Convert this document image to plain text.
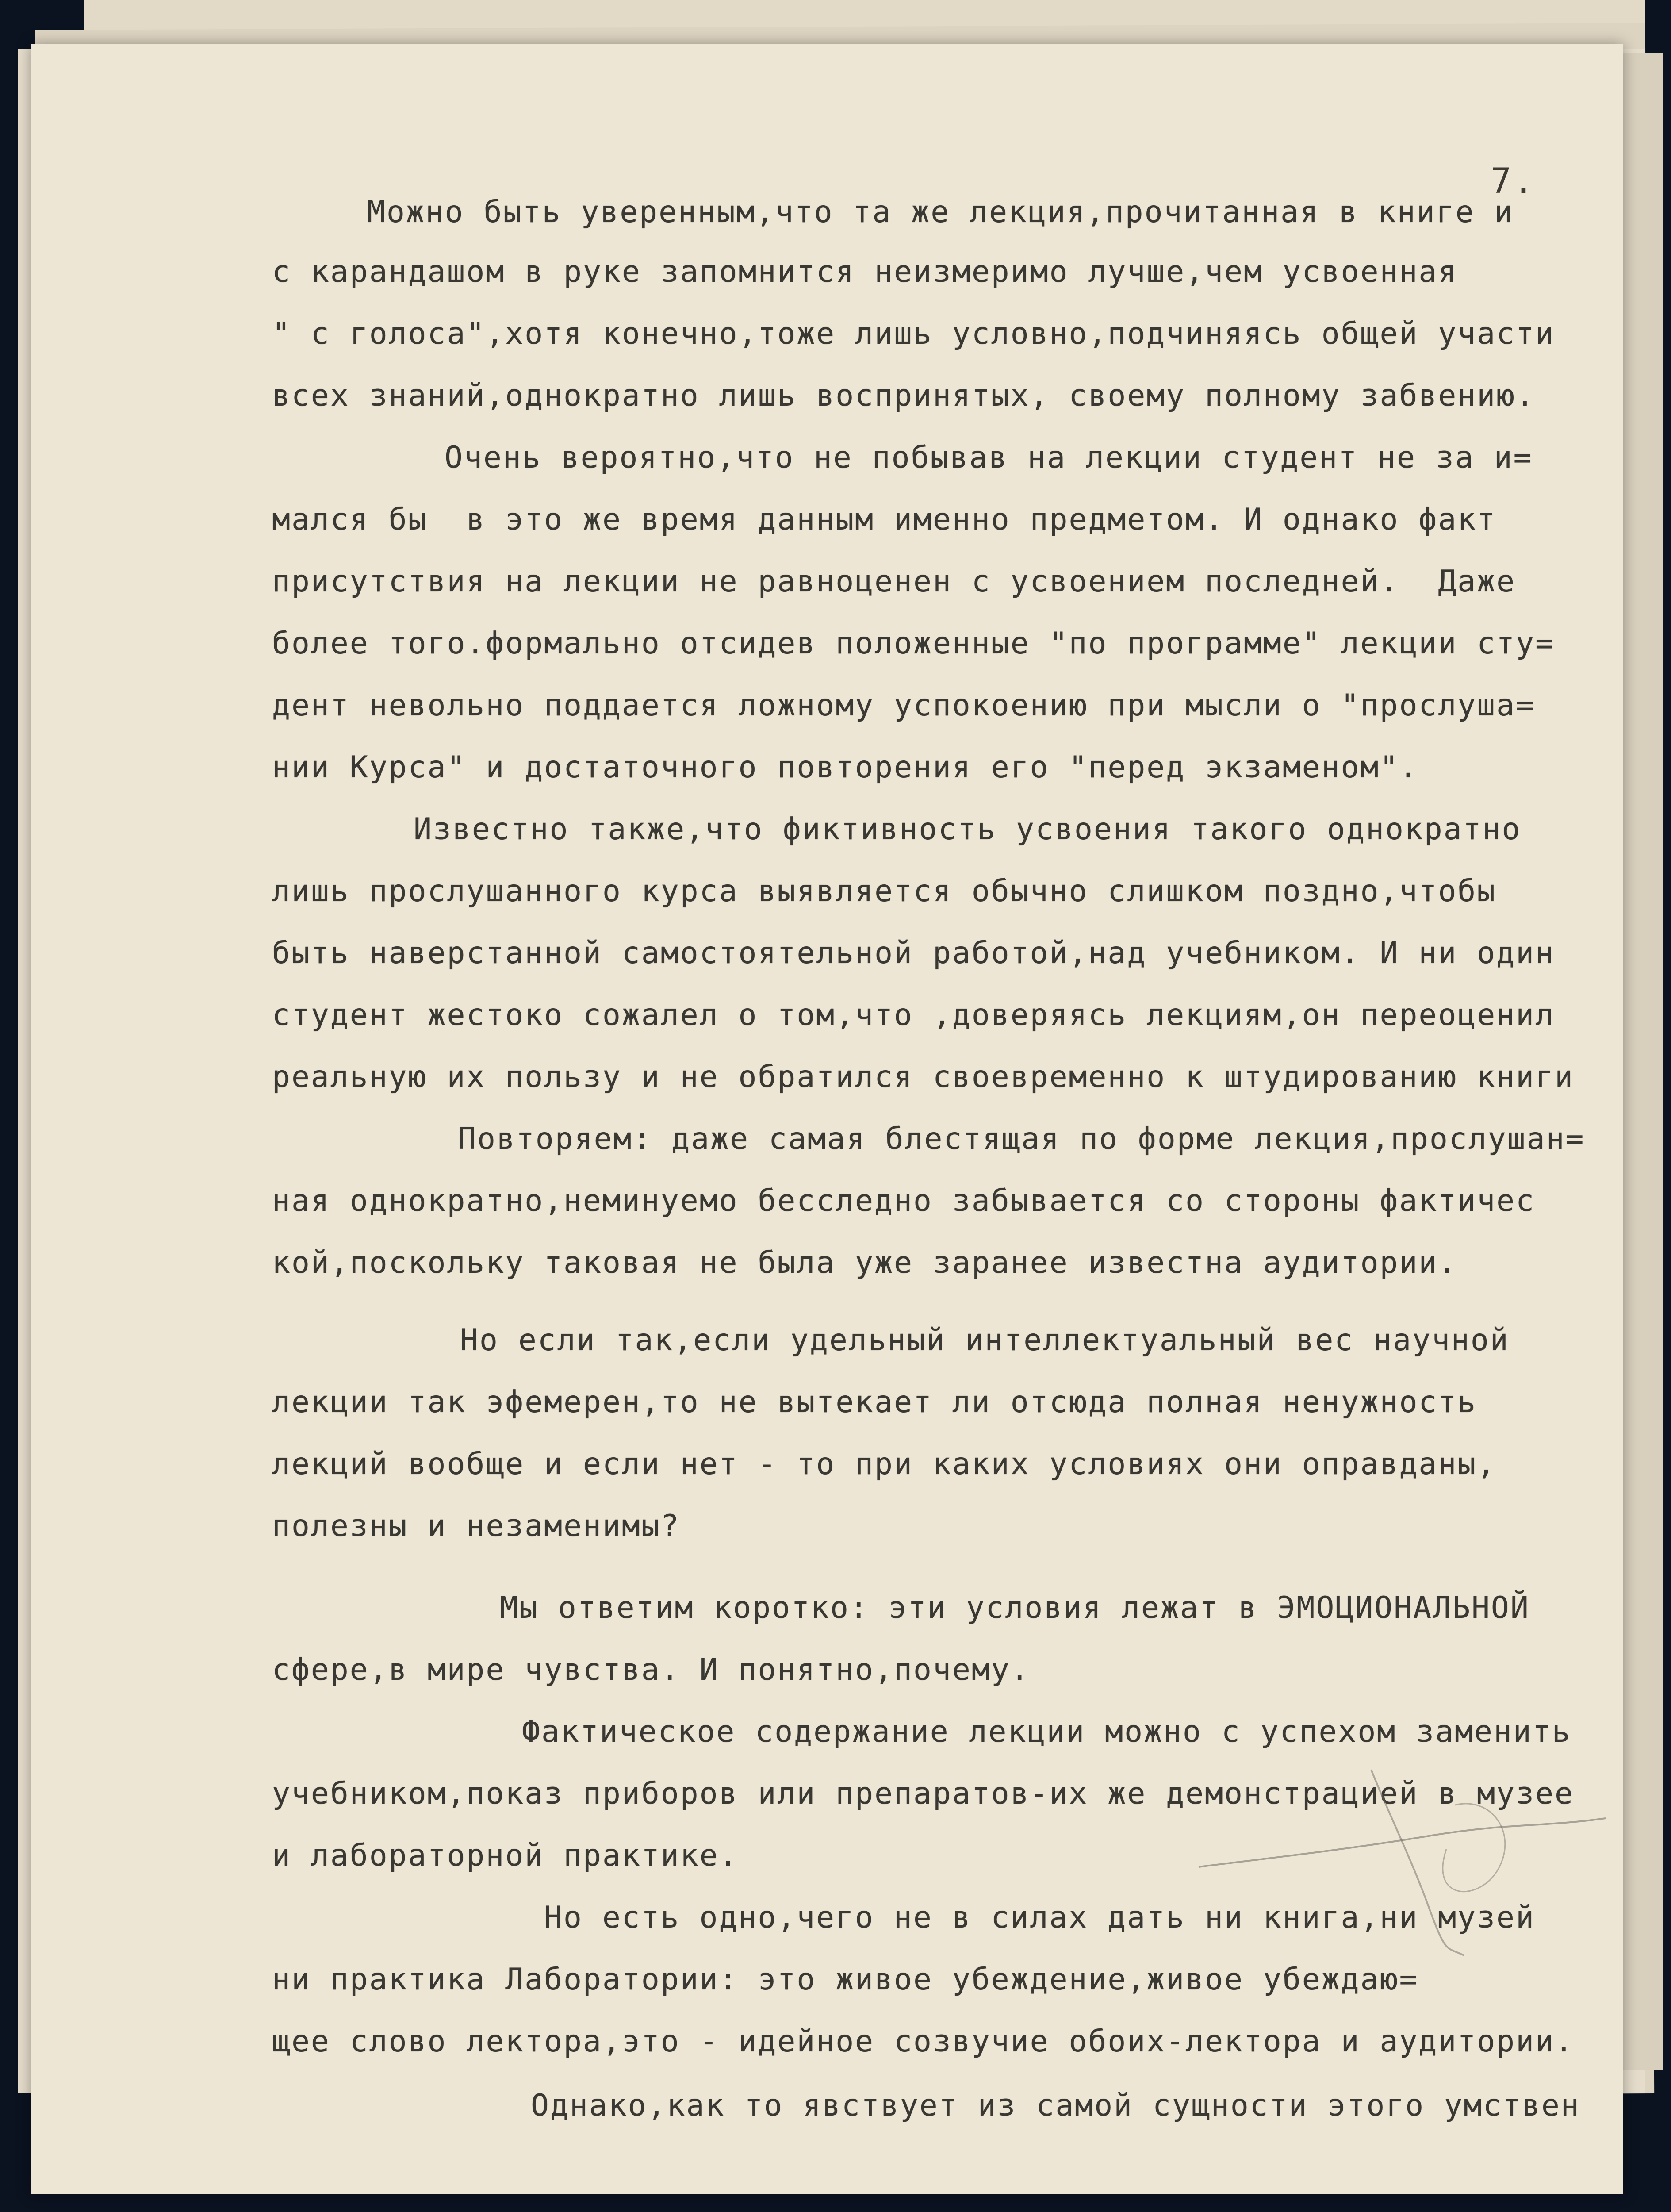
7.
Можно быть уверенным,что та же лекция,прочитанная в книге и
с карандашом в руке запомнится неизмеримо лучше,чем усвоенная
" с голоса",хотя конечно,тоже лишь условно,подчиняясь общей участи
всех знаний,однократно лишь воспринятых, своему полному забвению.
Очень вероятно,что не побывав на лекции студент не за и=
мался бы  в это же время данным именно предметом. И однако факт
присутствия на лекции не равноценен с усвоением последней.  Даже
более того.формально отсидев положенные "по программе" лекции сту=
дент невольно поддается ложному успокоению при мысли о "прослуша=
нии Курса" и достаточного повторения его "перед экзаменом".
Известно также,что фиктивность усвоения такого однократно
лишь прослушанного курса выявляется обычно слишком поздно,чтобы
быть наверстанной самостоятельной работой,над учебником. И ни один
студент жестоко сожалел о том,что ,доверяясь лекциям,он переоценил
реальную их пользу и не обратился своевременно к штудированию книги
Повторяем: даже самая блестящая по форме лекция,прослушан=
ная однократно,неминуемо бесследно забывается со стороны фактичес
кой,поскольку таковая не была уже заранее известна аудитории.
Но если так,если удельный интеллектуальный вес научной
лекции так эфемерен,то не вытекает ли отсюда полная ненужность
лекций вообще и если нет - то при каких условиях они оправданы,
полезны и незаменимы?
Мы ответим коротко: эти условия лежат в ЭМОЦИОНАЛЬНОЙ
сфере,в мире чувства. И понятно,почему.
Фактическое содержание лекции можно с успехом заменить
учебником,показ приборов или препаратов-их же демонстрацией в музее
и лабораторной практике.
Но есть одно,чего не в силах дать ни книга,ни музей
ни практика Лаборатории: это живое убеждение,живое убеждаю=
щее слово лектора,это - идейное созвучие обоих-лектора и аудитории.
Однако,как то явствует из самой сущности этого умствен
